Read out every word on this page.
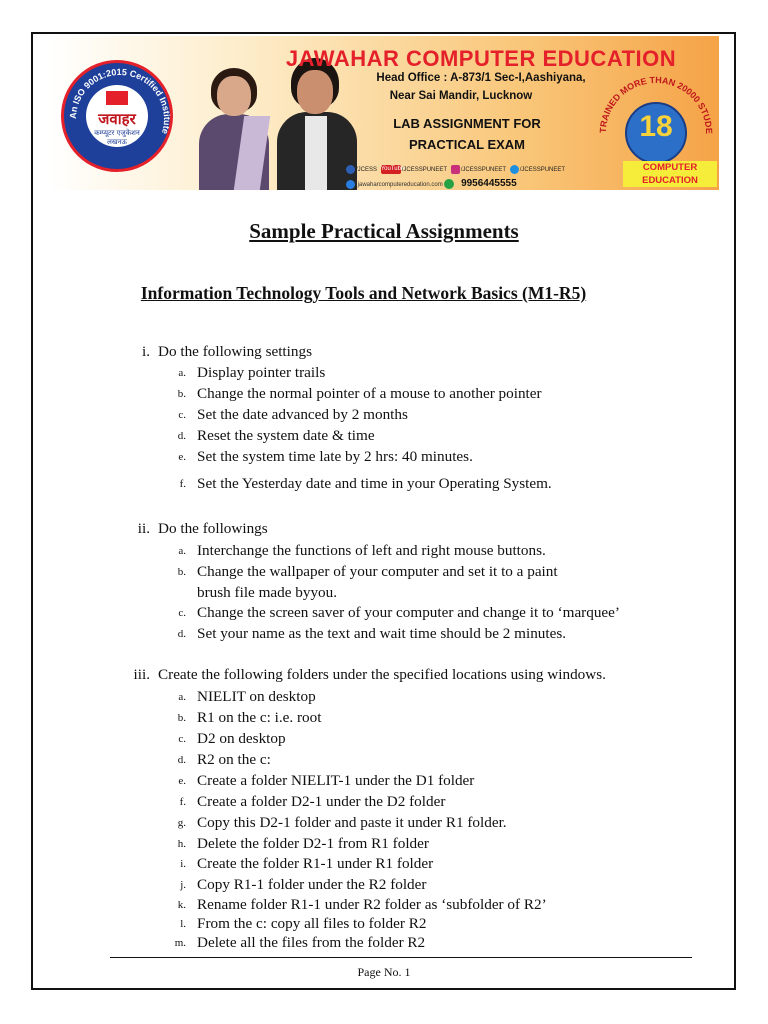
An ISO 9001:2015 Certified Institute
जवाहर
कम्प्यूटर एजुकेशन लखनऊ
JAWAHAR COMPUTER EDUCATION
Head Office : A-873/1 Sec-I,Aashiyana,
Near Sai Mandir, Lucknow
LAB ASSIGNMENT FOR
PRACTICAL EXAM
/JCESS YouTube/JCESSPUNEET /JCESSPUNEET /JCESSPUNEET
jawaharcomputereducation.com 9956445555
TRAINED MORE THAN 20000 STUDE
18
COMPUTER EDUCATION
Sample Practical Assignments
Information Technology Tools and Network Basics (M1-R5)
i. Do the following settings
a. Display pointer trails
b. Change the normal pointer of a mouse to another pointer
c. Set the date advanced by 2 months
d. Reset the system date & time
e. Set the system time late by 2 hrs: 40 minutes.
f. Set the Yesterday date and time in your Operating System.
ii. Do the followings
a. Interchange the functions of left and right mouse buttons.
b. Change the wallpaper of your computer and set it to a paint
brush file made byyou.
c. Change the screen saver of your computer and change it to ‘marquee’
d. Set your name as the text and wait time should be 2 minutes.
iii. Create the following folders under the specified locations using windows.
a. NIELIT on desktop
b. R1 on the c: i.e. root
c. D2 on desktop
d. R2 on the c:
e. Create a folder NIELIT-1 under the D1 folder
f. Create a folder D2-1 under the D2 folder
g. Copy this D2-1 folder and paste it under R1 folder.
h. Delete the folder D2-1 from R1 folder
i. Create the folder R1-1 under R1 folder
j. Copy R1-1 folder under the R2 folder
k. Rename folder R1-1 under R2 folder as ‘subfolder of R2’
l. From the c: copy all files to folder R2
m. Delete all the files from the folder R2
Page No. 1
